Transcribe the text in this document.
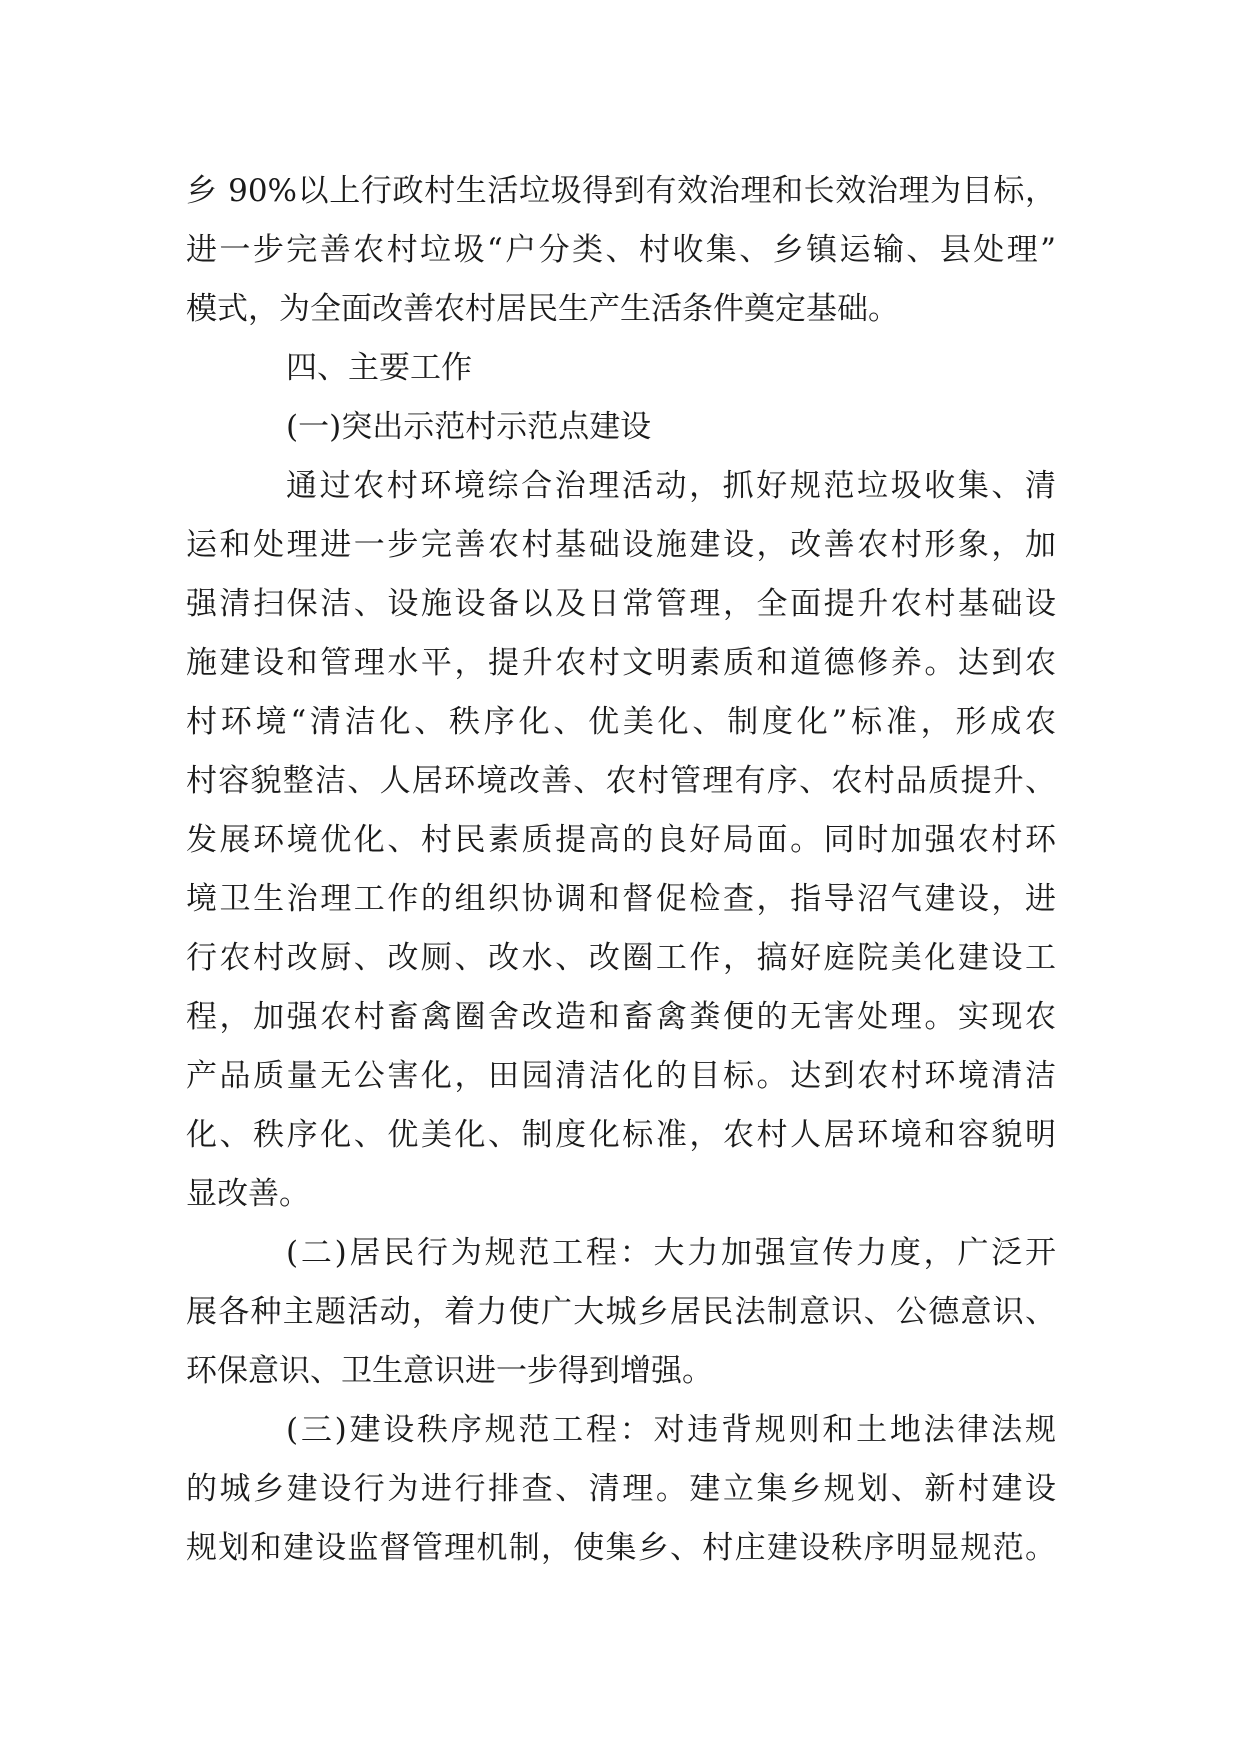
乡 90%以上行政村生活垃圾得到有效治理和长效治理为目标，
进一步完善农村垃圾“户分类、村收集、乡镇运输、县处理”
模式，为全面改善农村居民生产生活条件奠定基础。
四、主要工作
(一)突出示范村示范点建设
通过农村环境综合治理活动，抓好规范垃圾收集、清
运和处理进一步完善农村基础设施建设，改善农村形象，加
强清扫保洁、设施设备以及日常管理，全面提升农村基础设
施建设和管理水平，提升农村文明素质和道德修养。达到农
村环境“清洁化、秩序化、优美化、制度化”标准，形成农
村容貌整洁、人居环境改善、农村管理有序、农村品质提升、
发展环境优化、村民素质提高的良好局面。同时加强农村环
境卫生治理工作的组织协调和督促检查，指导沼气建设，进
行农村改厨、改厕、改水、改圈工作，搞好庭院美化建设工
程，加强农村畜禽圈舍改造和畜禽粪便的无害处理。实现农
产品质量无公害化，田园清洁化的目标。达到农村环境清洁
化、秩序化、优美化、制度化标准，农村人居环境和容貌明
显改善。
(二)居民行为规范工程：大力加强宣传力度，广泛开
展各种主题活动，着力使广大城乡居民法制意识、公德意识、
环保意识、卫生意识进一步得到增强。
(三)建设秩序规范工程：对违背规则和土地法律法规
的城乡建设行为进行排查、清理。建立集乡规划、新村建设
规划和建设监督管理机制，使集乡、村庄建设秩序明显规范。
